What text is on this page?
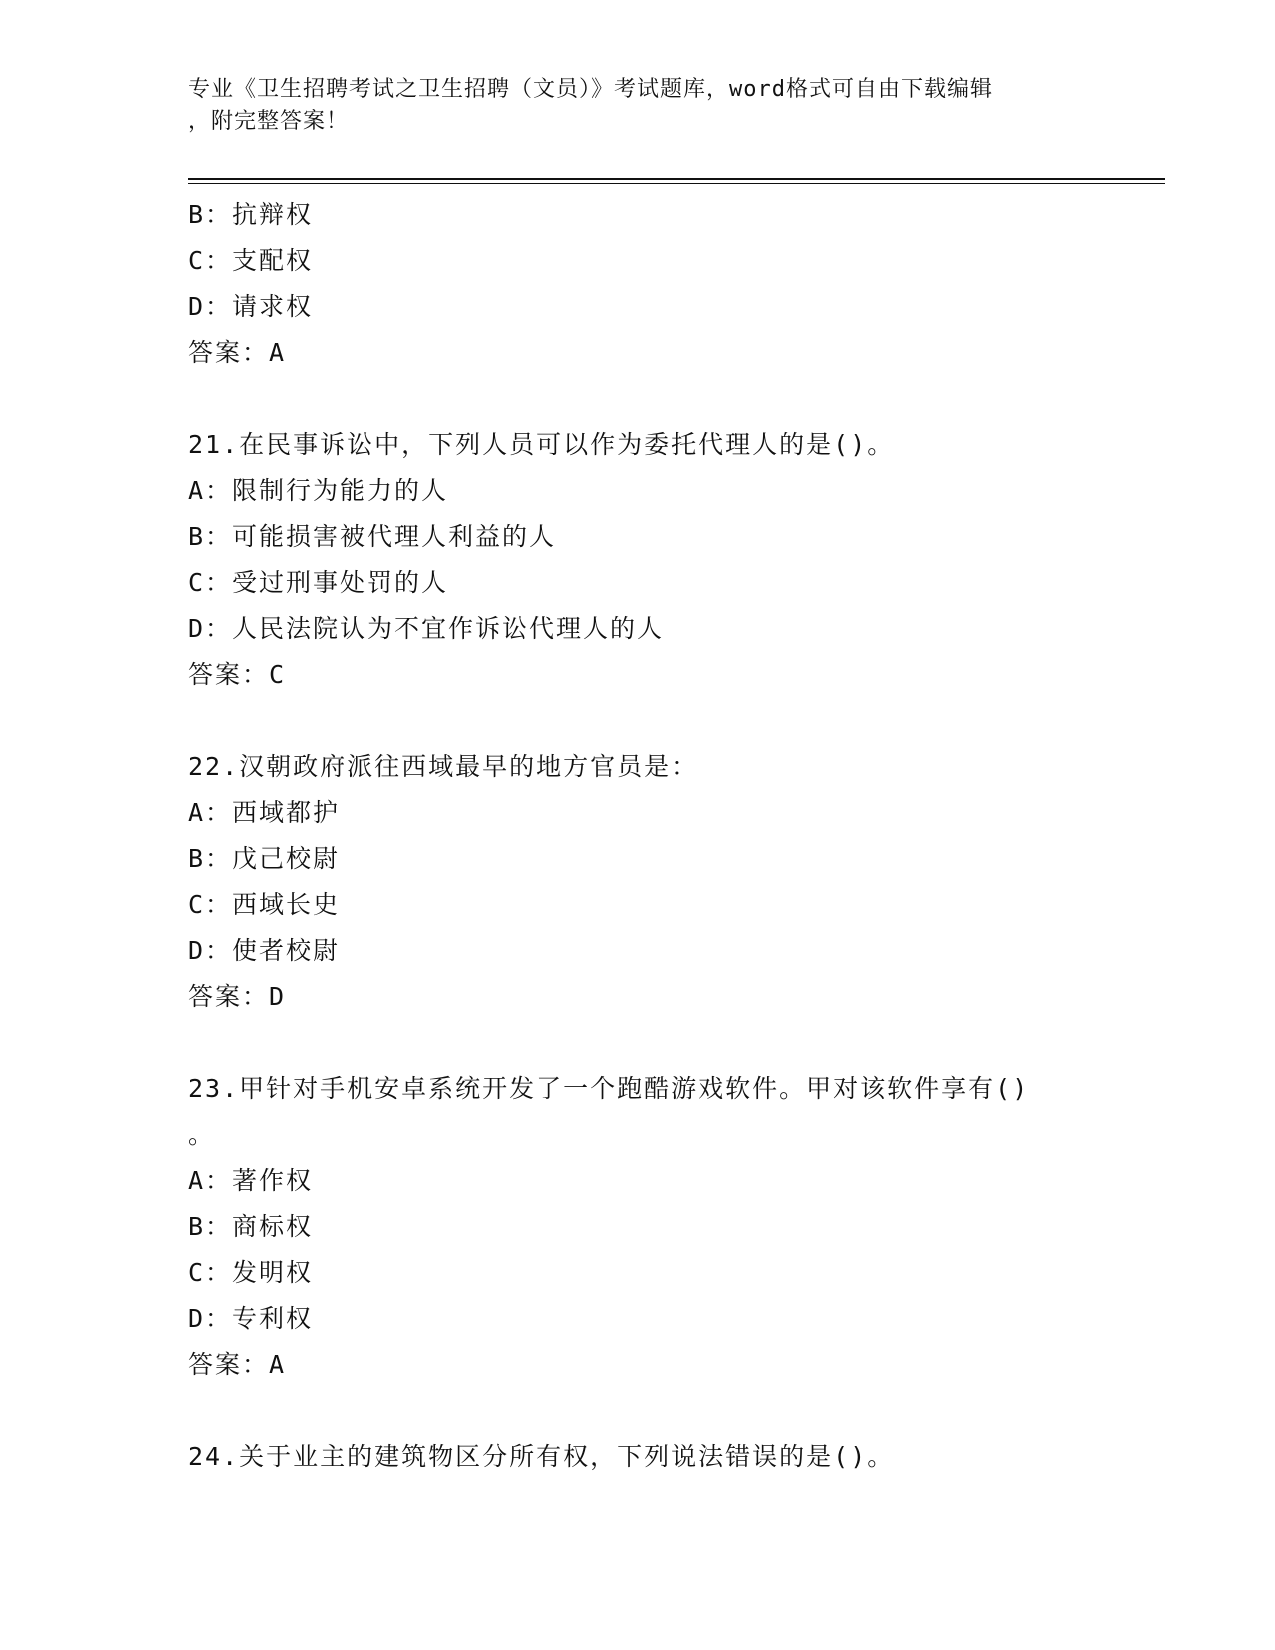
专业《卫生招聘考试之卫生招聘（文员）》考试题库，word格式可自由下载编辑
，附完整答案！
B：抗辩权
C：支配权
D：请求权
答案：A
21.在民事诉讼中，下列人员可以作为委托代理人的是()。
A：限制行为能力的人
B：可能损害被代理人利益的人
C：受过刑事处罚的人
D：人民法院认为不宜作诉讼代理人的人
答案：C
22.汉朝政府派往西域最早的地方官员是：
A：西域都护
B：戊己校尉
C：西域长史
D：使者校尉
答案：D
23.甲针对手机安卓系统开发了一个跑酷游戏软件。甲对该软件享有()
。
A：著作权
B：商标权
C：发明权
D：专利权
答案：A
24.关于业主的建筑物区分所有权，下列说法错误的是()。
